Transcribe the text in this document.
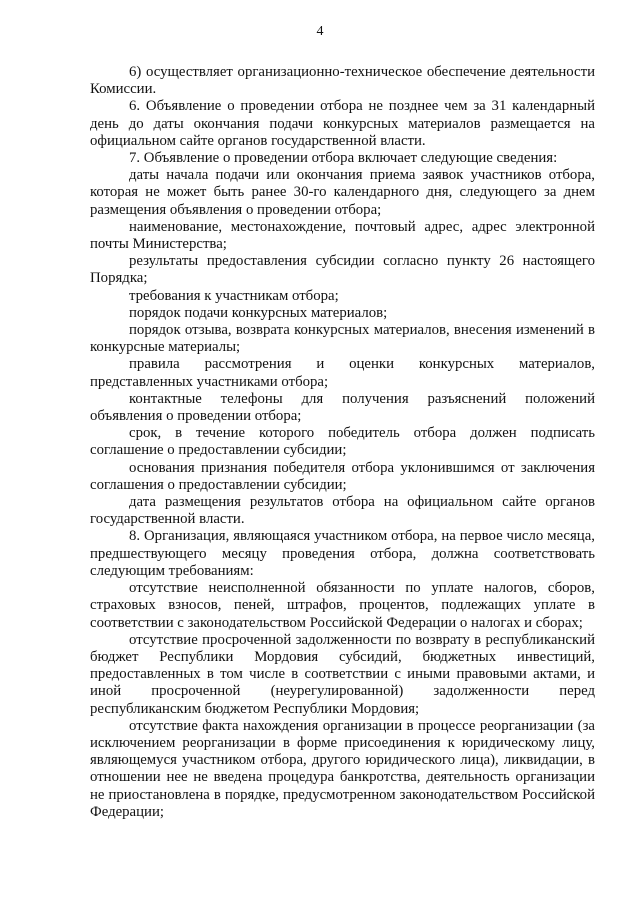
4

6) осуществляет организационно-техническое обеспечение деятельности Комиссии.

6. Объявление о проведении отбора не позднее чем за 31 календарный день до даты окончания подачи конкурсных материалов размещается на официальном сайте органов государственной власти.

7. Объявление о проведении отбора включает следующие сведения:

даты начала подачи или окончания приема заявок участников отбора, которая не может быть ранее 30-го календарного дня, следующего за днем размещения объявления о проведении отбора;

наименование, местонахождение, почтовый адрес, адрес электронной почты Министерства;

результаты предоставления субсидии согласно пункту 26 настоящего Порядка;

требования к участникам отбора;

порядок подачи конкурсных материалов;

порядок отзыва, возврата конкурсных материалов, внесения изменений в конкурсные материалы;

правила рассмотрения и оценки конкурсных материалов, представленных участниками отбора;

контактные телефоны для получения разъяснений положений объявления о проведении отбора;

срок, в течение которого победитель отбора должен подписать соглашение о предоставлении субсидии;

основания признания победителя отбора уклонившимся от заключения соглашения о предоставлении субсидии;

дата размещения результатов отбора на официальном сайте органов государственной власти.

8. Организация, являющаяся участником отбора, на первое число месяца, предшествующего месяцу проведения отбора, должна соответствовать следующим требованиям:

отсутствие неисполненной обязанности по уплате налогов, сборов, страховых взносов, пеней, штрафов, процентов, подлежащих уплате в соответствии с законодательством Российской Федерации о налогах и сборах;

отсутствие просроченной задолженности по возврату в республиканский бюджет Республики Мордовия субсидий, бюджетных инвестиций, предоставленных в том числе в соответствии с иными правовыми актами, и иной просроченной (неурегулированной) задолженности перед республиканским бюджетом Республики Мордовия;

отсутствие факта нахождения организации в процессе реорганизации (за исключением реорганизации в форме присоединения к юридическому лицу, являющемуся участником отбора, другого юридического лица), ликвидации, в отношении нее не введена процедура банкротства, деятельность организации не приостановлена в порядке, предусмотренном законодательством Российской Федерации;
